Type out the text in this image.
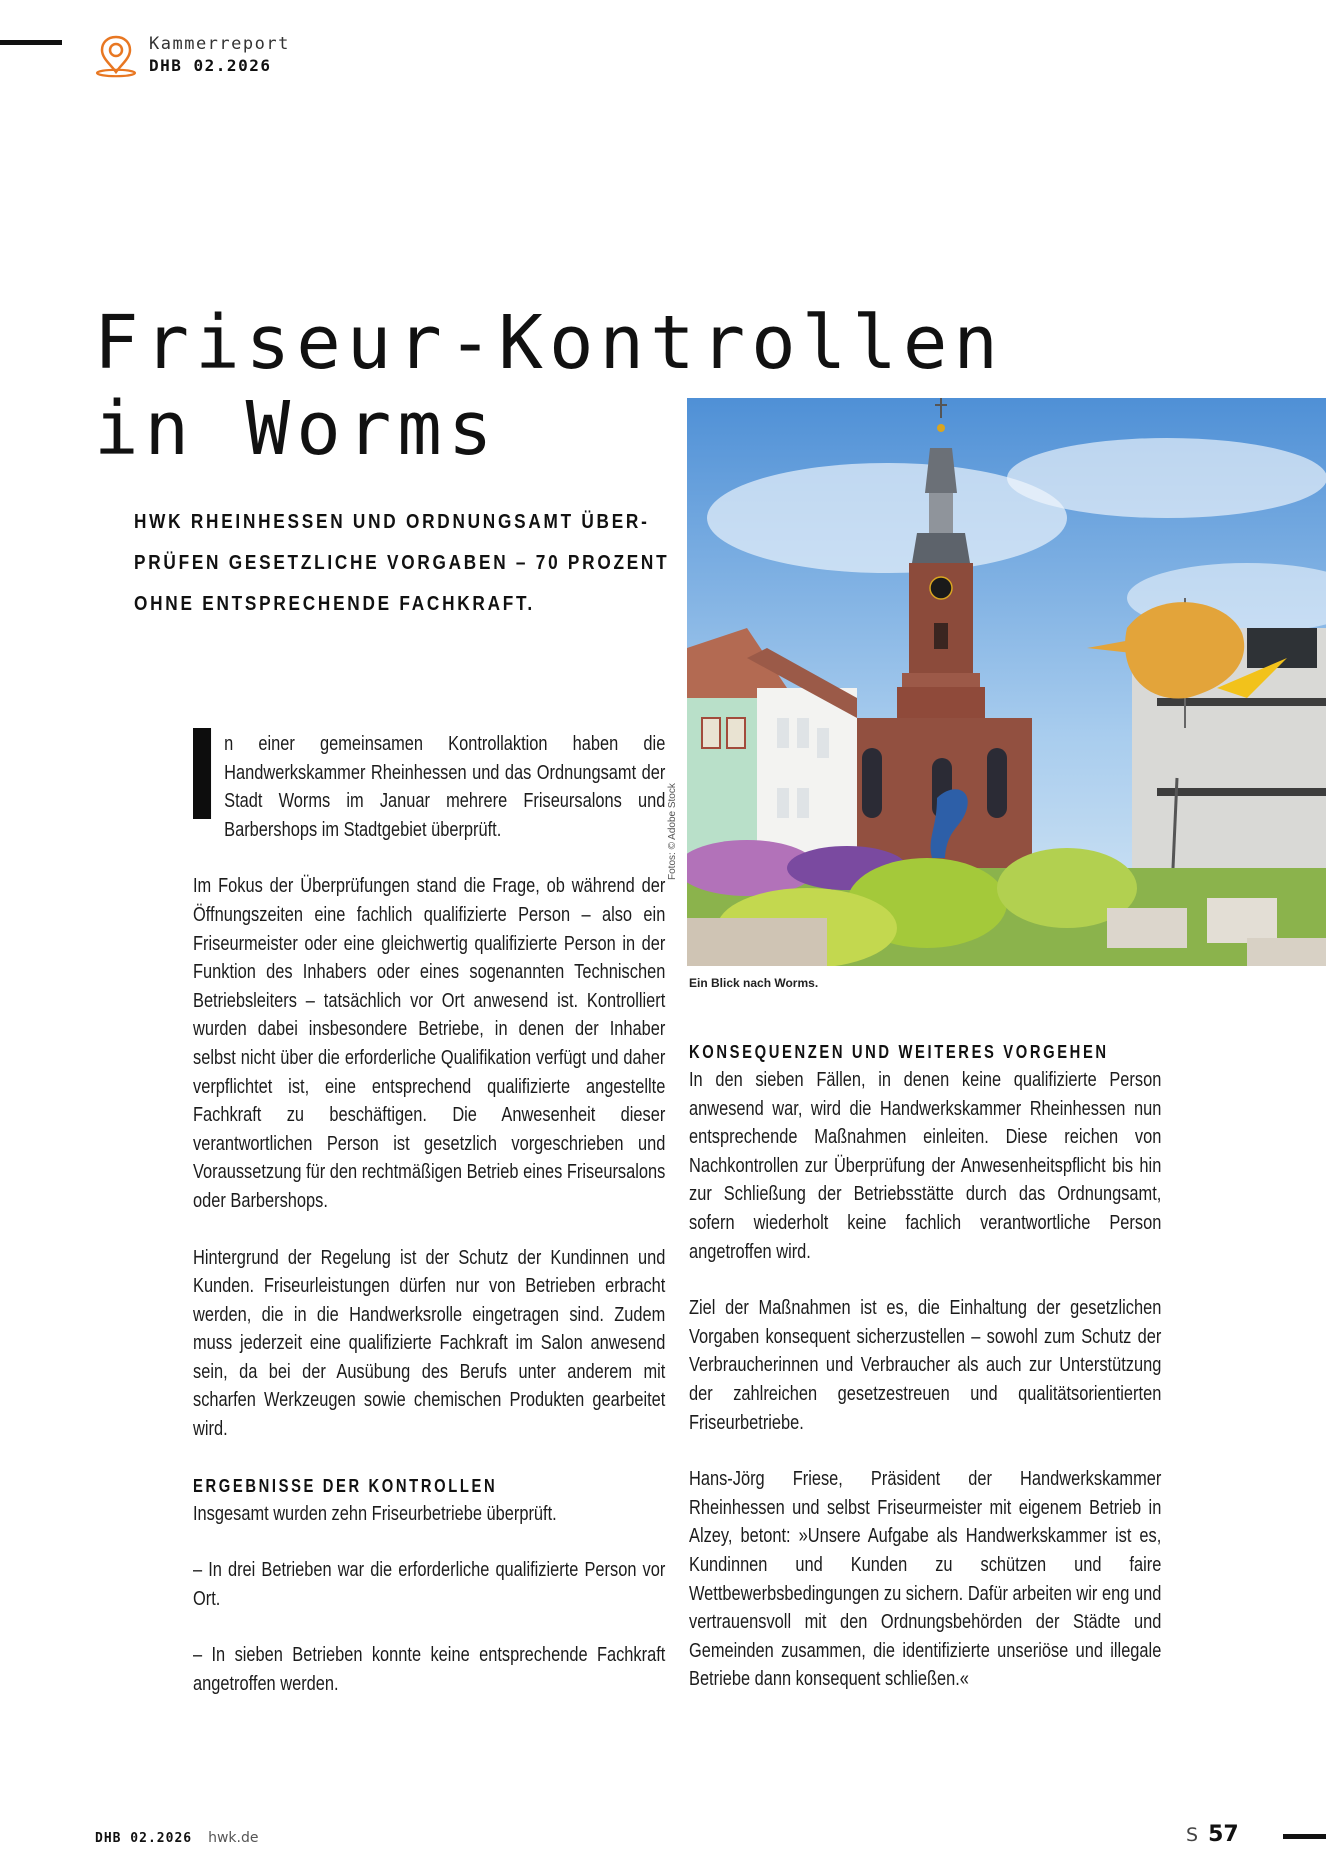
Kammerreport
DHB 02.2026
Friseur-Kontrollen
in Worms

HWK RHEINHESSEN UND ORDNUNGSAMT ÜBERPRÜFEN GESETZLICHE VORGABEN – 70 PROZENT OHNE ENTSPRECHENDE FACHKRAFT.

n einer gemeinsamen Kontrollaktion haben die Handwerkskammer Rheinhessen und das Ordnungsamt der Stadt Worms im Januar mehrere Friseursalons und Barbershops im Stadtgebiet überprüft.

Im Fokus der Überprüfungen stand die Frage, ob während der Öffnungszeiten eine fachlich qualifizierte Person – also ein Friseurmeister oder eine gleichwertig qualifizierte Person in der Funktion des Inhabers oder eines sogenannten Technischen Betriebsleiters – tatsächlich vor Ort anwesend ist. Kontrolliert wurden dabei insbesondere Betriebe, in denen der Inhaber selbst nicht über die erforderliche Qualifikation verfügt und daher verpflichtet ist, eine entsprechend qualifizierte angestellte Fachkraft zu beschäftigen. Die Anwesenheit dieser verantwortlichen Person ist gesetzlich vorgeschrieben und Voraussetzung für den rechtmäßigen Betrieb eines Friseursalons oder Barbershops.

Hintergrund der Regelung ist der Schutz der Kundinnen und Kunden. Friseurleistungen dürfen nur von Betrieben erbracht werden, die in die Handwerksrolle eingetragen sind. Zudem muss jederzeit eine qualifizierte Fachkraft im Salon anwesend sein, da bei der Ausübung des Berufs unter anderem mit scharfen Werkzeugen sowie chemischen Produkten gearbeitet wird.

ERGEBNISSE DER KONTROLLEN

Insgesamt wurden zehn Friseurbetriebe überprüft.

– In drei Betrieben war die erforderliche qualifizierte Person vor Ort.

– In sieben Betrieben konnte keine entsprechende Fachkraft angetroffen werden.

Fotos: © Adobe Stock
Ein Blick nach Worms.
KONSEQUENZEN UND WEITERES VORGEHEN

In den sieben Fällen, in denen keine qualifizierte Person anwesend war, wird die Handwerkskammer Rheinhessen nun entsprechende Maßnahmen einleiten. Diese reichen von Nachkontrollen zur Überprüfung der Anwesenheitspflicht bis hin zur Schließung der Betriebsstätte durch das Ordnungsamt, sofern wiederholt keine fachlich verantwortliche Person angetroffen wird.

Ziel der Maßnahmen ist es, die Einhaltung der gesetzlichen Vorgaben konsequent sicherzustellen – sowohl zum Schutz der Verbraucherinnen und Verbraucher als auch zur Unterstützung der zahlreichen gesetzestreuen und qualitätsorientierten Friseurbetriebe.

Hans-Jörg Friese, Präsident der Handwerkskammer Rheinhessen und selbst Friseurmeister mit eigenem Betrieb in Alzey, betont: »Unsere Aufgabe als Handwerkskammer ist es, Kundinnen und Kunden zu schützen und faire Wettbewerbsbedingungen zu sichern. Dafür arbeiten wir eng und vertrauensvoll mit den Ordnungsbehörden der Städte und Gemeinden zusammen, die identifizierte unseriöse und illegale Betriebe dann konsequent schließen.«

DHB 02.2026 hwk.de	S 57
